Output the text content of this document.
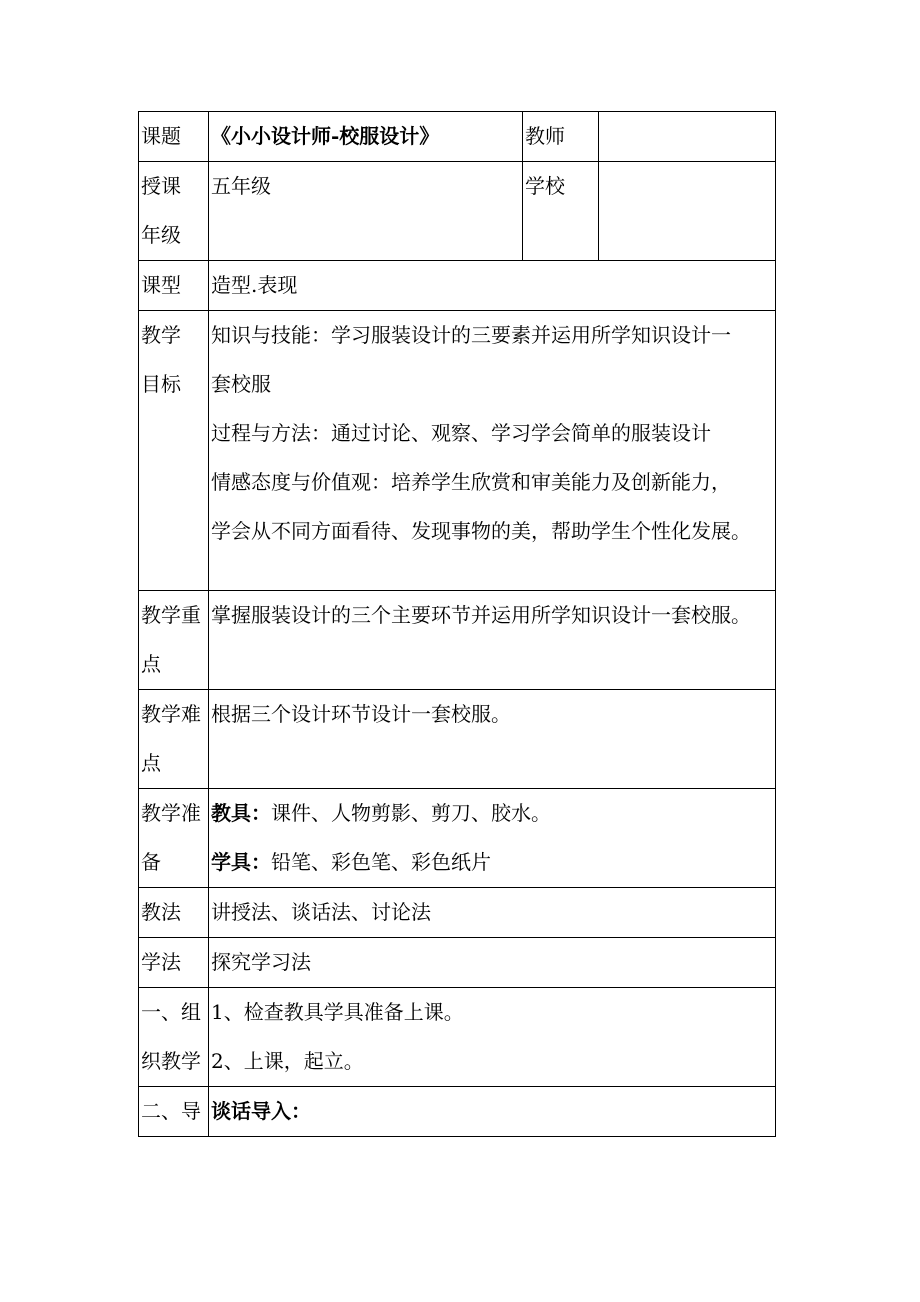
课题	《小小设计师-校服设计》	教师	

授课
年级	五年级	学校	
课型	造型.表现		

教学
目标	知识与技能：学习服装设计的三要素并运用所学知识设计一
套校服
过程与方法：通过讨论、观察、学习学会简单的服装设计
情感态度与价值观：培养学生欣赏和审美能力及创新能力，
学会从不同方面看待、发现事物的美，帮助学生个性化发展。		

教学重
点	掌握服装设计的三个主要环节并运用所学知识设计一套校服。		

教学难
点	根据三个设计环节设计一套校服。		

教学准
备	教具：课件、人物剪影、剪刀、胶水。
学具：铅笔、彩色笔、彩色纸片		

教法	讲授法、谈话法、讨论法		
学法	探究学习法		

一、组
织教学	1、检查教具学具准备上课。
2、上课，起立。		

二、导	谈话导入：		
